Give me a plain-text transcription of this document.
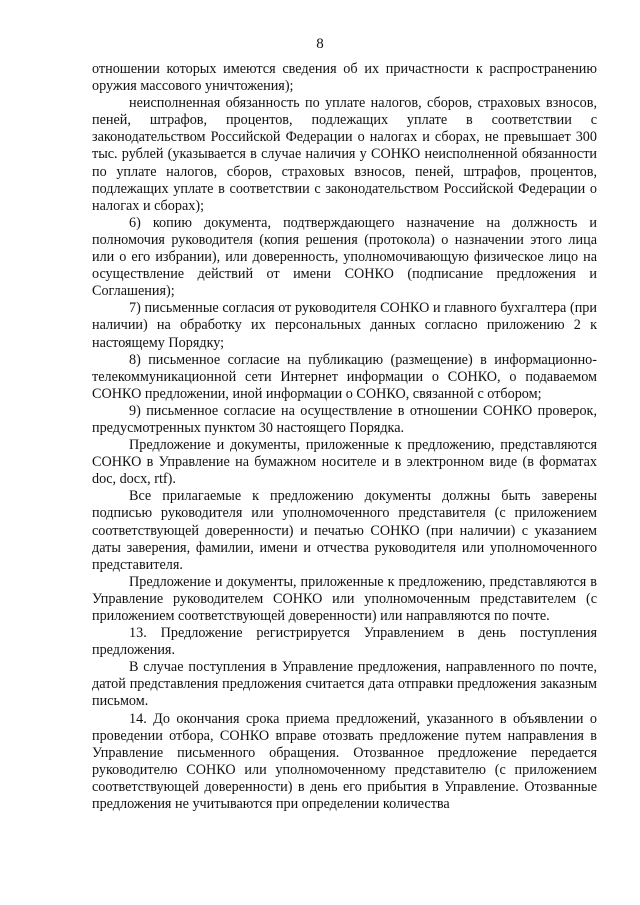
8

отношении которых имеются сведения об их причастности к распространению оружия массового уничтожения);

неисполненная обязанность по уплате налогов, сборов, страховых взносов, пеней, штрафов, процентов, подлежащих уплате в соответствии с законодательством Российской Федерации о налогах и сборах, не превышает 300 тыс. рублей (указывается в случае наличия у СОНКО неисполненной обязанности по уплате налогов, сборов, страховых взносов, пеней, штрафов, процентов, подлежащих уплате в соответствии с законодательством Российской Федерации о налогах и сборах);

6) копию документа, подтверждающего назначение на должность и полномочия руководителя (копия решения (протокола) о назначении этого лица или о его избрании), или доверенность, уполномочивающую физическое лицо на осуществление действий от имени СОНКО (подписание предложения и Соглашения);

7) письменные согласия от руководителя СОНКО и главного бухгалтера (при наличии) на обработку их персональных данных согласно приложению 2 к настоящему Порядку;

8) письменное согласие на публикацию (размещение) в информационно-телекоммуникационной сети Интернет информации о СОНКО, о подаваемом СОНКО предложении, иной информации о СОНКО, связанной с отбором;

9) письменное согласие на осуществление в отношении СОНКО проверок, предусмотренных пунктом 30 настоящего Порядка.

Предложение и документы, приложенные к предложению, представляются СОНКО в Управление на бумажном носителе и в электронном виде (в форматах doc, docx, rtf).

Все прилагаемые к предложению документы должны быть заверены подписью руководителя или уполномоченного представителя (с приложением соответствующей доверенности) и печатью СОНКО (при наличии) с указанием даты заверения, фамилии, имени и отчества руководителя или уполномоченного представителя.

Предложение и документы, приложенные к предложению, представляются в Управление руководителем СОНКО или уполномоченным представителем (с приложением соответствующей доверенности) или направляются по почте.

13. Предложение регистрируется Управлением в день поступления предложения.

В случае поступления в Управление предложения, направленного по почте, датой представления предложения считается дата отправки предложения заказным письмом.

14. До окончания срока приема предложений, указанного в объявлении о проведении отбора, СОНКО вправе отозвать предложение путем направления в Управление письменного обращения. Отозванное предложение передается руководителю СОНКО или уполномоченному представителю (с приложением соответствующей доверенности) в день его прибытия в Управление. Отозванные предложения не учитываются при определении количества
